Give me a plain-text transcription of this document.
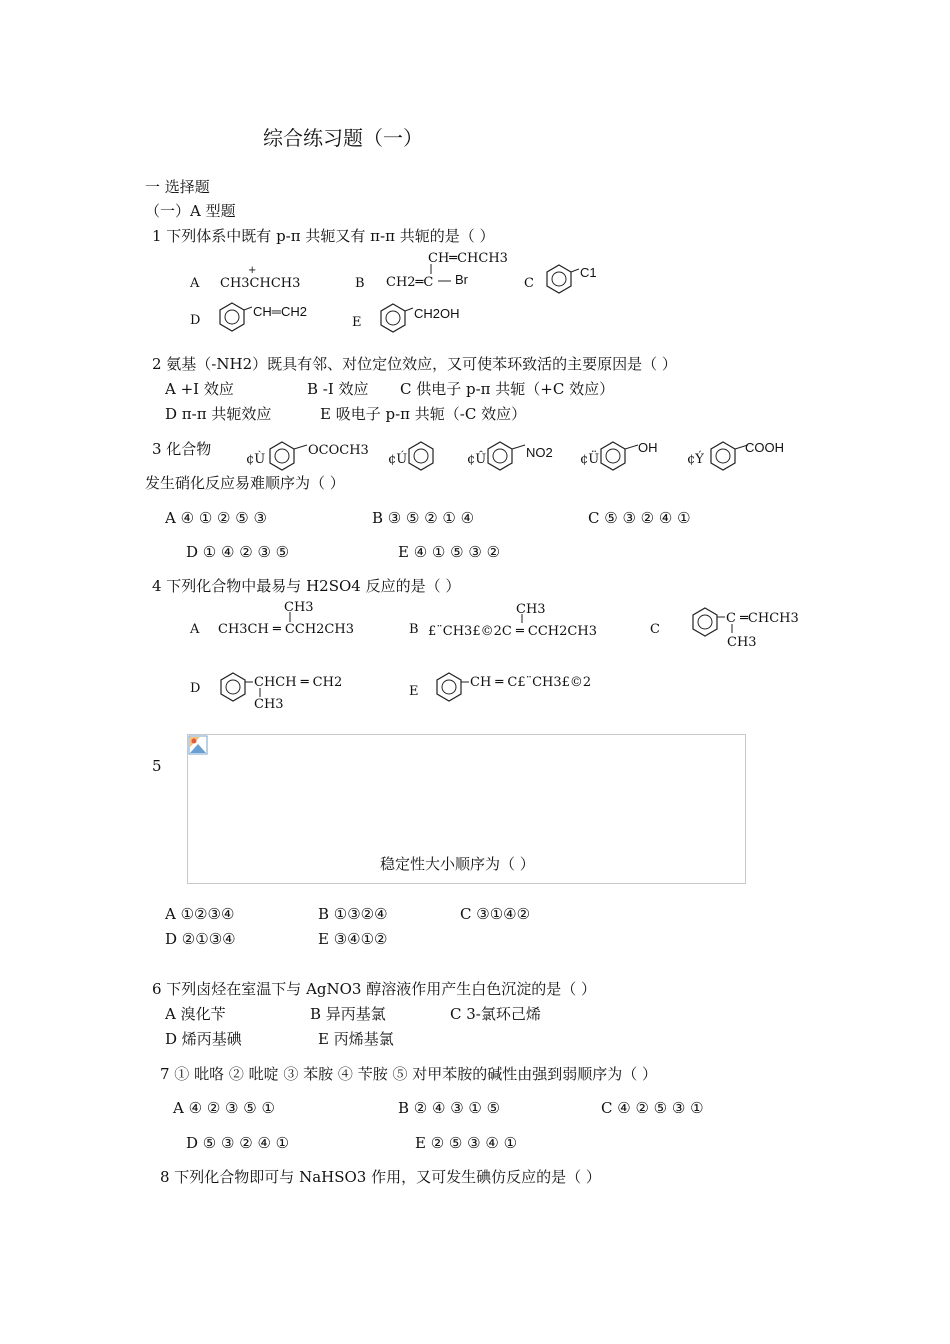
综合练习题（一）
一 选择题
（一）A 型题
1 下列体系中既有 p-π 共轭又有 π-π 共轭的是（ ）
A
+
CH3CHCH3	B
CH═CHCH3
CH2═C Br	C
C1
D
CH═CH2
E
CH2OH
2 氨基（-NH2）既具有邻、对位定位效应，又可使苯环致活的主要原因是（ ）
A +I 效应	B -I 效应 C 供电子 p-π 共轭（+C 效应）
D π-π 共轭效应	E 吸电子 p-π 共轭（-C 效应）
3 化合物
¢Ù
OCOCH3
¢Ú	¢Û	NO2 ¢Ü
OH
¢Ý
COOH
发生硝化反应易难顺序为（ ）
A ④ ① ② ⑤ ③	B ③ ⑤ ② ① ④	C ⑤ ③ ② ④ ①
D ① ④ ② ③ ⑤	E ④ ① ⑤ ③ ②
4 下列化合物中最易与 H2SO4 反应的是（ ）
A
CH3
CH3CH ═ CCH2CH3	B
CH3
£¨CH3£©2C ═ CCH2CH3	C
C ═CHCH3
CH3
D	CHCH ═ CH2
CH3
E
CH ═ C£¨CH3£©2
5
稳定性大小顺序为（ ）
A ①②③④	B ①③②④	C ③①④②
D ②①③④	E ③④①②
6 下列卤烃在室温下与 AgNO3 醇溶液作用产生白色沉淀的是（ ）
A 溴化苄	B 异丙基氯	C 3-氯环己烯
D 烯丙基碘	E 丙烯基氯
7 ① 吡咯 ② 吡啶 ③ 苯胺 ④ 苄胺 ⑤ 对甲苯胺的碱性由强到弱顺序为（ ）
A ④ ② ③ ⑤ ①	B ② ④ ③ ① ⑤	C ④ ② ⑤ ③ ①
D ⑤ ③ ② ④ ①	E ② ⑤ ③ ④ ①
8 下列化合物即可与 NaHSO3 作用，又可发生碘仿反应的是（ ）
